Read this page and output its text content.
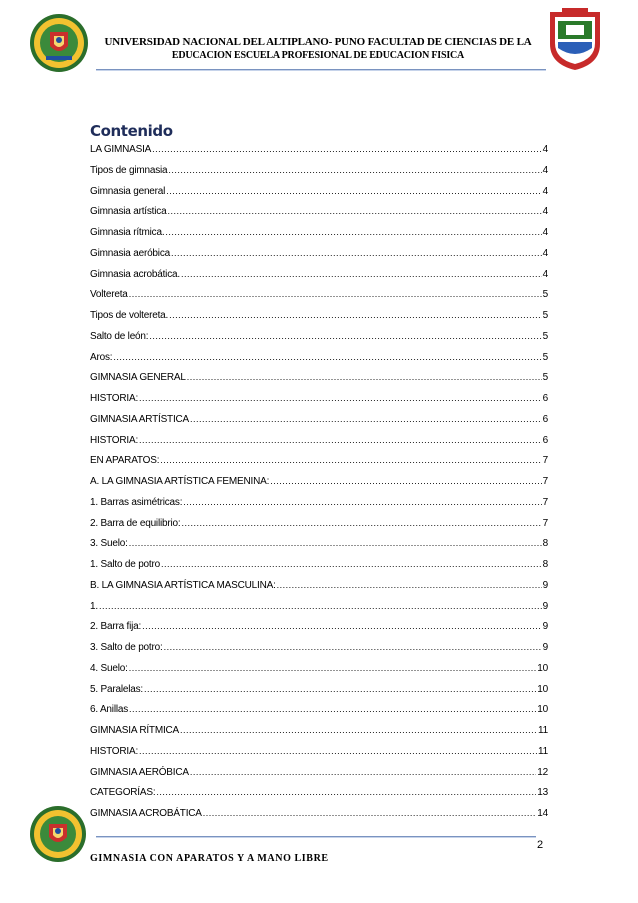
UNIVERSIDAD NACIONAL DEL ALTIPLANO- PUNO FACULTAD DE CIENCIAS DE LA
EDUCACION ESCUELA PROFESIONAL DE EDUCACION FISICA
Contenido
LA GIMNASIA .....	4
Tipos de gimnasia .....	4
Gimnasia general .....	4
Gimnasia artística .....	4
Gimnasia rítmica. .....	4
Gimnasia aeróbica .....	4
Gimnasia acrobática. .....	4
Voltereta .....	5
Tipos de voltereta. .....	5
Salto de león: .....	5
Aros: .....	5
GIMNASIA GENERAL .....	5
HISTORIA: .....	6
GIMNASIA ARTÍSTICA .....	6
HISTORIA: .....	6
EN APARATOS: .....	7
A. LA GIMNASIA ARTÍSTICA FEMENINA: .....	7
1. Barras asimétricas: .....	7
2. Barra de equilibrio: .....	7
3. Suelo: .....	8
1. Salto de potro .....	8
B. LA GIMNASIA ARTÍSTICA MASCULINA: .....	9
1. .....	9
2. Barra fija: .....	9
3. Salto de potro: .....	9
4. Suelo: .....	10
5. Paralelas: .....	10
6. Anillas .....	10
GIMNASIA RÍTMICA .....	11
HISTORIA: .....	11
GIMNASIA AERÓBICA .....	12
CATEGORÍAS: .....	13
GIMNASIA ACROBÁTICA .....	14
2
GIMNASIA CON APARATOS Y A MANO LIBRE
